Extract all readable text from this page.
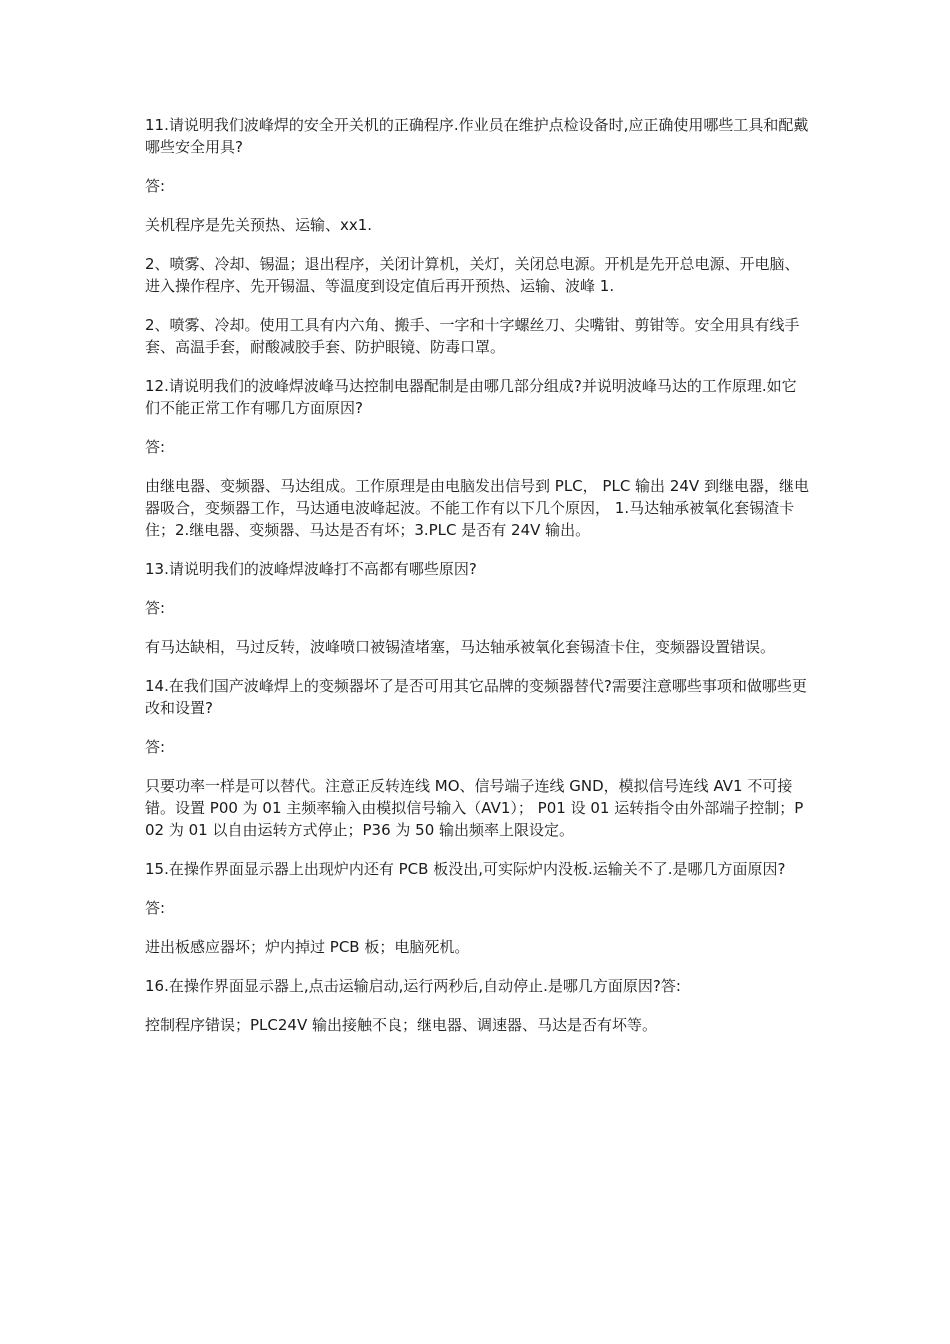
11.请说明我们波峰焊的安全开关机的正确程序.作业员在维护点检设备时,应正确使用哪些工具和配戴哪些安全用具?

答:

关机程序是先关预热、运输、xx1.

2、喷雾、冷却、锡温；退出程序，关闭计算机，关灯，关闭总电源。开机是先开总电源、开电脑、进入操作程序、先开锡温、等温度到设定值后再开预热、运输、波峰 1.

2、喷雾、冷却。使用工具有内六角、搬手、一字和十字螺丝刀、尖嘴钳、剪钳等。安全用具有线手套、高温手套，耐酸减胶手套、防护眼镜、防毒口罩。

12.请说明我们的波峰焊波峰马达控制电器配制是由哪几部分组成?并说明波峰马达的工作原理.如它们不能正常工作有哪几方面原因?

答:

由继电器、变频器、马达组成。工作原理是由电脑发出信号到 PLC， PLC 输出 24V 到继电器，继电器吸合，变频器工作，马达通电波峰起波。不能工作有以下几个原因， 1.马达轴承被氧化套锡渣卡住；2.继电器、变频器、马达是否有坏；3.PLC 是否有 24V 输出。

13.请说明我们的波峰焊波峰打不高都有哪些原因?

答:

有马达缺相，马过反转，波峰喷口被锡渣堵塞，马达轴承被氧化套锡渣卡住，变频器设置错误。

14.在我们国产波峰焊上的变频器坏了是否可用其它品牌的变频器替代?需要注意哪些事项和做哪些更改和设置?

答:

只要功率一样是可以替代。注意正反转连线 MO、信号端子连线 GND，模拟信号连线 AV1 不可接错。设置 P00 为 01 主频率输入由模拟信号输入（AV1）； P01 设 01 运转指令由外部端子控制；P02 为 01 以自由运转方式停止；P36 为 50 输出频率上限设定。

15.在操作界面显示器上出现炉内还有 PCB 板没出,可实际炉内没板.运输关不了.是哪几方面原因?

答:

进出板感应器坏；炉内掉过 PCB 板；电脑死机。

16.在操作界面显示器上,点击运输启动,运行两秒后,自动停止.是哪几方面原因?答:

控制程序错误；PLC24V 输出接触不良；继电器、调速器、马达是否有坏等。
